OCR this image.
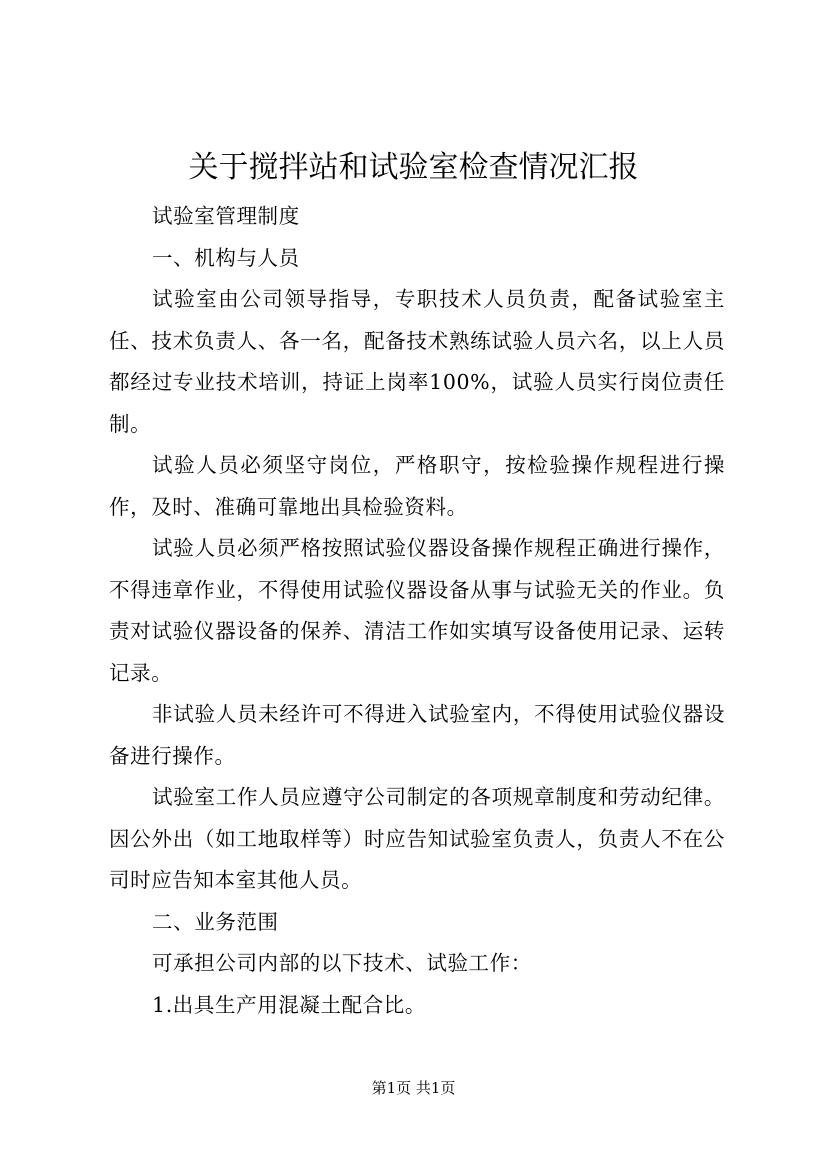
关于搅拌站和试验室检查情况汇报

试验室管理制度

一、机构与人员

试验室由公司领导指导，专职技术人员负责，配备试验室主任、技术负责人、各一名，配备技术熟练试验人员六名，以上人员都经过专业技术培训，持证上岗率100%，试验人员实行岗位责任制。

试验人员必须坚守岗位，严格职守，按检验操作规程进行操作，及时、准确可靠地出具检验资料。

试验人员必须严格按照试验仪器设备操作规程正确进行操作，不得违章作业，不得使用试验仪器设备从事与试验无关的作业。负责对试验仪器设备的保养、清洁工作如实填写设备使用记录、运转记录。

非试验人员未经许可不得进入试验室内，不得使用试验仪器设备进行操作。

试验室工作人员应遵守公司制定的各项规章制度和劳动纪律。因公外出（如工地取样等）时应告知试验室负责人，负责人不在公司时应告知本室其他人员。

二、业务范围

可承担公司内部的以下技术、试验工作：

1.出具生产用混凝土配合比。

第1页 共1页
